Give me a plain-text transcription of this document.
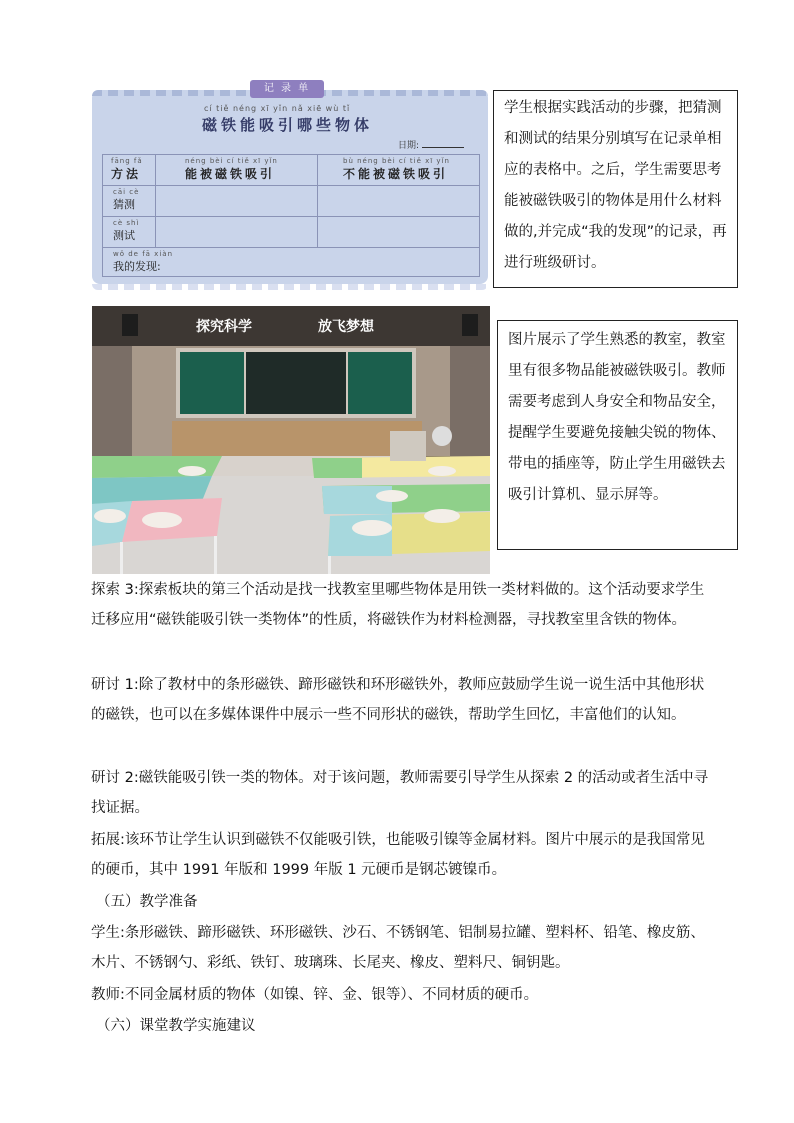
记 录 单
cí tiě néng xī yǐn nǎ xiē wù tǐ
磁铁能吸引哪些物体
日期:
fāng fǎ
方法
néng bèi cí tiě xī yǐn
能被磁铁吸引
bù néng bèi cí tiě xī yǐn
不能被磁铁吸引
cāi cè
猜测
cè shì
测试
wǒ de fā xiàn
我的发现:
学生根据实践活动的步骤，把猜测和测试的结果分别填写在记录单相应的表格中。之后，学生需要思考能被磁铁吸引的物体是用什么材料做的,并完成“我的发现”的记录，再进行班级研讨。
探究科学	放飞梦想
图片展示了学生熟悉的教室，教室里有很多物品能被磁铁吸引。教师需要考虑到人身安全和物品安全，提醒学生要避免接触尖锐的物体、带电的插座等，防止学生用磁铁去吸引计算机、显示屏等。
探索 3:探索板块的第三个活动是找一找教室里哪些物体是用铁一类材料做的。这个活动要求学生迁移应用“磁铁能吸引铁一类物体”的性质，将磁铁作为材料检测器，寻找教室里含铁的物体。
研讨 1:除了教材中的条形磁铁、蹄形磁铁和环形磁铁外，教师应鼓励学生说一说生活中其他形状的磁铁，也可以在多媒体课件中展示一些不同形状的磁铁，帮助学生回忆，丰富他们的认知。
研讨 2:磁铁能吸引铁一类的物体。对于该问题，教师需要引导学生从探索 2 的活动或者生活中寻找证据。
拓展:该环节让学生认识到磁铁不仅能吸引铁，也能吸引镍等金属材料。图片中展示的是我国常见的硬币，其中 1991 年版和 1999 年版 1 元硬币是钢芯镀镍币。
（五）教学准备
学生:条形磁铁、蹄形磁铁、环形磁铁、沙石、不锈钢笔、铝制易拉罐、塑料杯、铅笔、橡皮筋、木片、不锈钢勺、彩纸、铁钉、玻璃珠、长尾夹、橡皮、塑料尺、铜钥匙。
教师:不同金属材质的物体（如镍、锌、金、银等）、不同材质的硬币。
（六）课堂教学实施建议
